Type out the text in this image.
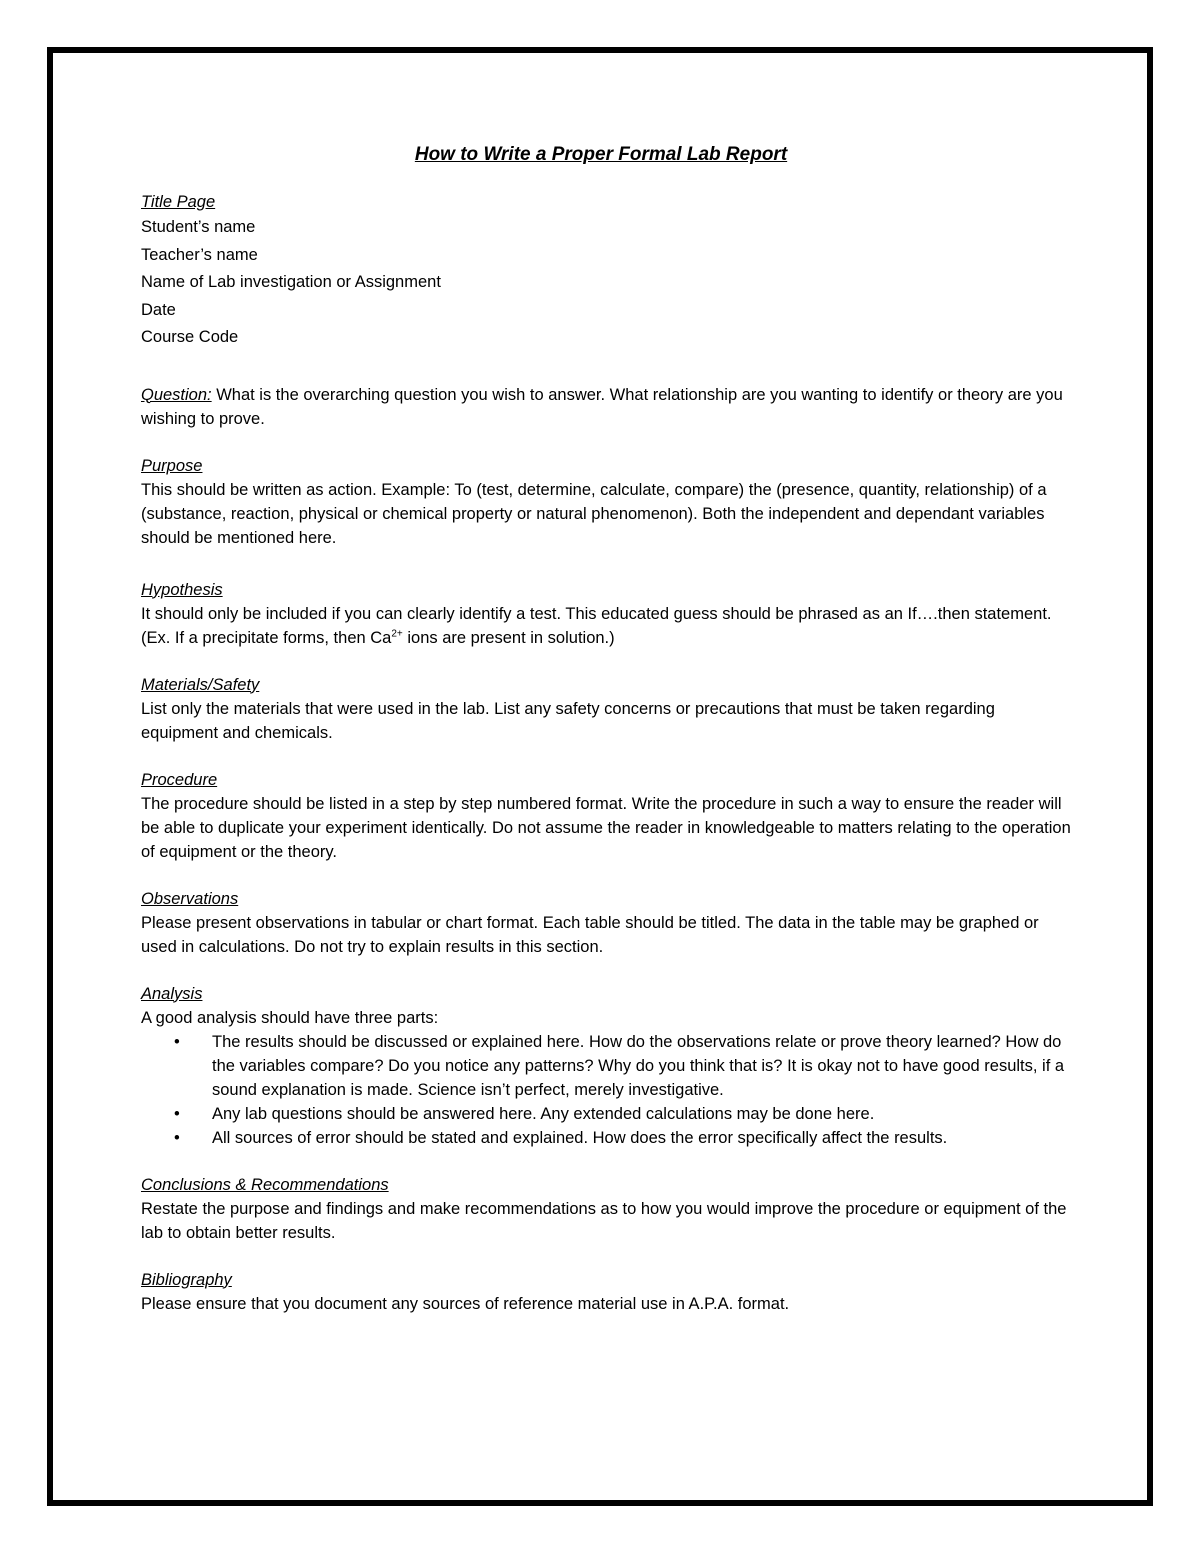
How to Write a Proper Formal Lab Report
Title Page
Student’s name
Teacher’s name
Name of Lab investigation or Assignment
Date
Course Code

Question: What is the overarching question you wish to answer. What relationship are you wanting to identify or theory are you wishing to prove.

Purpose

This should be written as action. Example: To (test, determine, calculate, compare) the (presence, quantity, relationship) of a (substance, reaction, physical or chemical property or natural phenomenon). Both the independent and dependant variables should be mentioned here.

Hypothesis

It should only be included if you can clearly identify a test. This educated guess should be phrased as an If….then statement. (Ex. If a precipitate forms, then $Ca^{2+}$ ions are present in solution.)

Materials/Safety

List only the materials that were used in the lab. List any safety concerns or precautions that must be taken regarding equipment and chemicals.

Procedure

The procedure should be listed in a step by step numbered format. Write the procedure in such a way to ensure the reader will be able to duplicate your experiment identically. Do not assume the reader in knowledgeable to matters relating to the operation of equipment or the theory.

Observations

Please present observations in tabular or chart format. Each table should be titled. The data in the table may be graphed or used in calculations. Do not try to explain results in this section.

Analysis

A good analysis should have three parts:

• The results should be discussed or explained here. How do the observations relate or prove theory learned? How do the variables compare? Do you notice any patterns? Why do you think that is? It is okay not to have good results, if a sound explanation is made. Science isn’t perfect, merely investigative.
• Any lab questions should be answered here. Any extended calculations may be done here.
• All sources of error should be stated and explained. How does the error specifically affect the results.
Conclusions & Recommendations

Restate the purpose and findings and make recommendations as to how you would improve the procedure or equipment of the lab to obtain better results.

Bibliography

Please ensure that you document any sources of reference material use in A.P.A. format.
